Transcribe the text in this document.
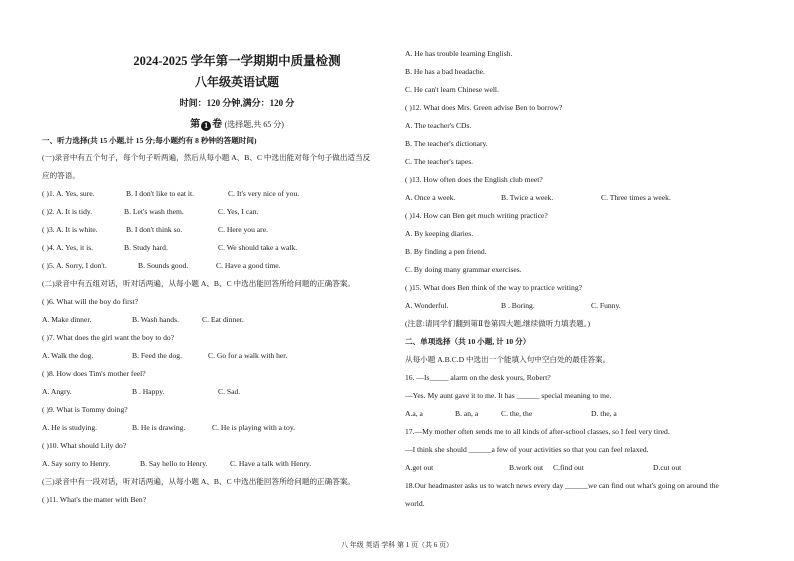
2024-2025 学年第一学期期中质量检测
八年级英语试题
时间：120 分钟,满分：120 分
第 1 卷 (选择题,共 65 分)
一、听力选择(共 15 小题,计 15 分;每小题约有 8 秒钟的答题时间)
(一)录音中有五个句子，每个句子听两遍，然后从每小题 A、B、C 中选出能对每个句子做出适当反
应的答语。
( )1. A. Yes, sure.	B. I don't like to eat it.	C. It's very nice of you.
( )2. A. It is tidy.	B. Let's wash them.	C. Yes, I can.
( )3. A. It is white.	B. I don't think so.	C. Here you are.
( )4. A. Yes, it is.	B. Study hard.	C. We should take a walk.
( )5. A. Sorry, I don't.	B. Sounds good.	C. Have a good time.
(二)录音中有五组对话，听对话两遍，从每小题 A、B、C 中选出能回答所给问题的正确答案。
( )6. What will the boy do first?
A. Make dinner.	B. Wash hands.	C. Eat dinner.
( )7. What does the girl want the boy to do?
A. Walk the dog.	B. Feed the dog.	C. Go for a walk with her.
( )8. How does Tim's mother feel?
A. Angry.	B . Happy.	C. Sad.
( )9. What is Tommy doing?
A. He is studying.	B. He is drawing.	C. He is playing with a toy.
( )10. What should Lily do?
A. Say sorry to Henry.	B. Say hello to Henry.	C. Have a talk with Henry.
(三)录音中有一段对话，听对话两遍，从每小题 A、B、C 中选出能回答所给问题的正确答案。
( )11. What's the matter with Ben?
A. He has trouble learning English.
B. He has a bad headache.
C. He can't learn Chinese well.
( )12. What does Mrs. Green advise Ben to borrow?
A. The teacher's CDs.
B. The teacher's dictionary.
C. The teacher's tapes.
( )13. How often does the English club meet?
A. Once a week.	B. Twice a week.	C. Three times a week.
( )14. How can Ben get much writing practice?
A. By keeping diaries.
B. By finding a pen friend.
C. By doing many grammar exercises.
( )15. What does Ben think of the way to practice writing?
A. Wonderful.	B . Boring.	C. Funny.
(注意:请同学们翻到第Ⅱ卷第四大题,继续做听力填表题。)
二、单项选择（共 10 小题, 计 10 分）
从每小题 A.B.C.D 中选出一个能填入句中空白处的最佳答案。
16. —Is_____ alarm on the desk yours, Robert?
—Yes. My aunt gave it to me. It has ______ special meaning to me.
A.a, a	B. an, a	C. the, the	D. the, a
17.—My mother often sends me to all kinds of after-school classes, so I feel very tired.
—I think she should ______a few of your activities so that you can feel relaxed.
A.get out	B.work out C.find out	D.cut out
18.Our headmaster asks us to watch news every day ______we can find out what's going on around the
world.
八 年级 英语 学科 第 1 页（共 6 页）
